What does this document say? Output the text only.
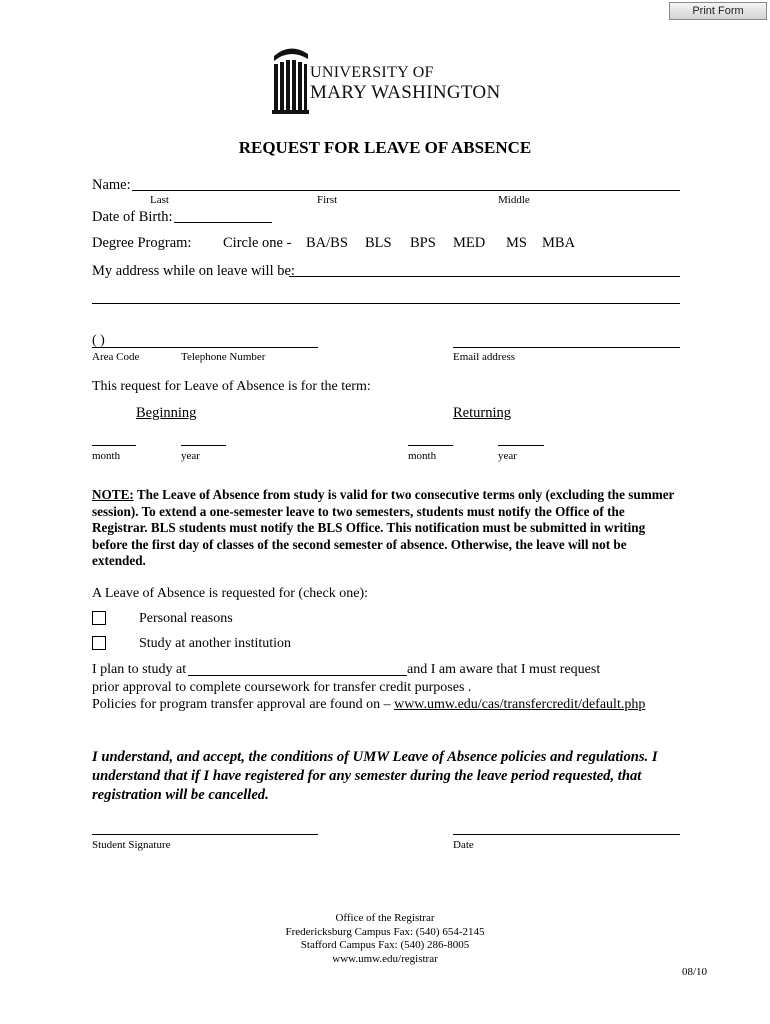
Print Form
UNIVERSITY OF
MARY WASHINGTON
REQUEST FOR LEAVE OF ABSENCE
Name:
Last	First	Middle
Date of Birth:
Degree Program: Circle one - BA/BS BLS BPS MED MS MBA
My address while on leave will be:
( )
Area Code	Telephone Number	Email address
This request for Leave of Absence is for the term:
Beginning	Returning
month	year	month	year
NOTE: The Leave of Absence from study is valid for two consecutive terms only (excluding the summer session). To extend a one-semester leave to two semesters, students must notify the Office of the Registrar. BLS students must notify the BLS Office. This notification must be submitted in writing before the first day of classes of the second semester of absence. Otherwise, the leave will not be extended.
A Leave of Absence is requested for (check one):
Personal reasons
Study at another institution
I plan to study at	and I am aware that I must request
prior approval to complete coursework for transfer credit purposes .
Policies for program transfer approval are found on – www.umw.edu/cas/transfercredit/default.php
I understand, and accept, the conditions of UMW Leave of Absence policies and regulations. I understand that if I have registered for any semester during the leave period requested, that registration will be cancelled.
Student Signature	Date
Office of the Registrar
Fredericksburg Campus Fax: (540) 654-2145
Stafford Campus Fax: (540) 286-8005
www.umw.edu/registrar
08/10
